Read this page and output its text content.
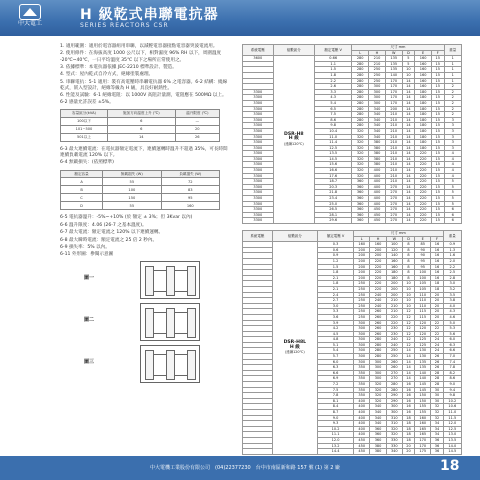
中大電工
H 級乾式串聯電抗器
SERIES REACTORS CSR

1. 適用範圍：適用於電容器組用串聯，以減輕電容器接點電容器突波電流用。

2. 使用條件：在海拔高度 1000 公尺以下，相對濕度 96% RH 以下，周圍溫度 -20℃~40℃，一日平均溫度 35℃ 以下之場所正常使用之。

3. 依據標準：本電抗器依據 JEC-2210 標準設計、製造。

4. 型式：屋內乾式自冷方式，絕緣塗裝處理。

5. 串聯電抗：5-1 適用：裝有高電壓時串聯電抗器 6% 之電容器。6-2 結構：繞線乾式，嵌入型設計，絕緣等級為 H 級，具良好耐熱性。

6. 性能及試驗：6-1 絕緣電阻：以 1000V 高阻計量測，電阻應在 500MΩ 以上。6-2 感量允許誤差 ±5%。

容量區分(kVA)	施加方向溫度上升 (℃)	溫升限度 (℃)
100以下	6	—
101~500	6	20
501以上	14	26

6-3 最大連續電流：在電抗器額定電流下，連續運轉時溫升不超過 35%，可長時間連續負載電流 120% 以下。

6-4 無載損失：(依照標準)

額定容量	無載損失 (W)	負載損失 (W)
A	55	72
B	100	83
C	150	95
D	55	160

6-5 電抗器溫升：-5%~+10% (於 額定 ± 3%；但 3Kvar 以內)

6-6 溫升限度：4.06 (26-7 之基本溫度)。

6-7 最大電流：額定電流之 120% 以下連續運轉。

6-8 最大瞬時電流：額定電流之 25 倍 2 秒內。

6-9 損失率：5% 以內。

6-11 外形圖：參閱示意圖

圖一
圖二
圖三
系統電壓	組數區分	額定電壓 V	尺寸 mm						重量
			L	H	W	D	E	F	
3600	DSR-H8
H 級
(連續120℃)	0.66	280	210	135	5	160	15	1
		1.1	280	210	135	5	160	15	1
		1.5	280	250	135	10	160	15	1
		1.8	280	250	140	10	160	15	1
		2.2	280	250	170	14	160	15	1
		2.6	280	300	170	14	160	15	2
3300		3.3	280	300	170	14	180	15	2
3300		4.3	280	300	170	14	180	15	2
3300		5.4	280	300	170	14	180	15	2
3300		6.5	280	340	200	14	180	15	2
3300		7.5	280	340	210	14	180	15	2
3300		8.6	280	340	210	14	180	15	3
3300		9.8	280	340	210	14	180	15	3
3300		10.4	320	340	210	14	180	15	3
3300		11.0	320	340	210	14	180	15	3
3300		11.4	320	380	210	14	180	15	3
3300		12.5	320	380	210	14	180	15	3
3300		13.5	320	380	210	14	220	15	4
3300		14.5	320	380	210	14	220	15	4
3300		15.6	320	380	210	14	220	15	4
3300		16.6	320	400	210	14	220	15	4
3300		17.6	320	400	210	14	220	15	4
3300		18.7	360	400	210	14	220	15	5
3300		20.3	360	400	270	14	220	15	5
3300		21.8	360	400	270	14	220	15	5
3300		23.4	360	400	270	14	220	15	5
3300		25.0	360	400	270	14	220	15	5
3300		26.5	360	450	270	14	220	15	6
3300		28.1	360	450	270	14	220	15	6
3300		29.6	360	450	270	14	220	15	6
系統電壓	組數區分	額定電壓 V	尺寸 mm						重量
			L	H	W	D	E	F	

	DSR-H8L
H 級
(連續120℃)	0.3	160	160	100	8	85	16	0.9
		0.6	200	200	120	8	90	16	1.3
		0.9	200	200	140	8	90	16	1.6
		1.2	200	220	160	8	95	16	2.0
		1.5	200	220	160	8	95	16	2.2
		1.8	200	220	180	8	100	16	2.5
		2.1	200	220	180	8	100	16	2.8
		1.8	250	220	200	10	105	18	3.0
		2.1	250	220	200	10	105	18	3.2
		2.4	250	240	200	10	110	20	3.5
		2.7	250	240	210	10	110	20	3.8
		3.0	250	240	210	10	110	20	4.0
		3.3	250	260	210	12	115	20	4.3
		3.6	250	260	220	12	115	20	4.6
		3.9	300	260	220	12	120	22	5.0
		4.2	300	260	230	12	120	22	5.3
		4.5	300	260	230	12	120	22	5.6
		4.8	300	280	240	12	125	24	6.0
		5.1	300	280	240	12	125	24	6.3
		5.4	300	280	250	14	130	24	6.6
		5.7	300	280	250	14	130	26	7.0
		6.0	300	300	260	14	135	26	7.4
		6.3	350	300	260	14	135	26	7.8
		6.6	350	300	270	14	140	28	8.2
		6.9	350	300	270	14	140	28	8.6
		7.2	350	320	280	16	145	28	9.0
		7.5	350	320	280	16	145	30	9.4
		7.8	350	320	290	16	150	30	9.8
		8.1	400	320	290	16	150	30	10.2
		8.4	400	340	300	16	155	32	10.6
		8.7	400	340	300	16	155	32	11.0
		9.0	400	340	310	18	160	32	11.5
		9.3	400	340	310	18	160	34	12.0
		10.2	400	360	320	18	165	34	12.5
		11.1	400	360	320	18	165	34	13.0
		12.0	450	360	330	18	170	36	13.5
		13.2	450	380	330	20	170	36	14.0
		14.4	450	380	340	20	175	36	14.5
中大電機工業股份有限公司　(04)22377230　台中市南區新和路 157 號 (1) 第 2 廠	18
